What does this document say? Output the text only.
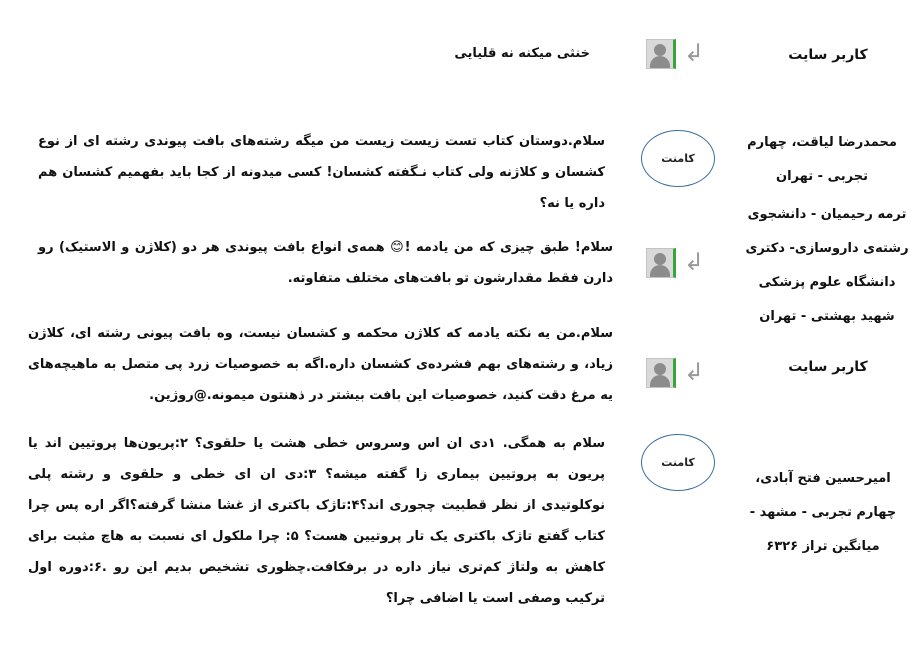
کاربر سایت
↲
خنثی میکنه نه قلیایی
محمدرضا لیاقت، چهارم تجربی - تهران
کامنت
سلام.دوستان کتاب تست زیست زیست من میگه رشته‌های بافت پیوندی رشته ای از نوع کشسان و کلاژنه ولی کتاب نـگفته کشسان! کسی میدونه از کجا باید بفهمیم کشسان هم داره یا نه؟
ترمه رحیمیان - دانشجوی رشته‌ی داروسازی- دکتری دانشگاه علوم پزشکی شهید بهشتی - تهران
↲
سلام! طبق چیزی که من یادمه !😊 همه‌ی انواع بافت پیوندی هر دو (کلاژن و الاستیک) رو دارن فقط مقدارشون تو بافت‌های مختلف متفاوته.
کاربر سایت
↲
سلام.من یه نکته یادمه که کلاژن محکمه و کشسان نیست، وه بافت پیونی رشته ای، کلاژن زیاد، و رشته‌های بهم فشرده‌ی کشسان داره.اگه به خصوصیات زرد پی متصل به ماهیچه‌های یه مرغ دقت کنید، خصوصیات این بافت بیشتر در ذهنتون میمونه.@روژین.
امیرحسین فتح آبادی، چهارم تجربی - مشهد - میانگین تراز ۶۳۲۶
کامنت
سلام به همگی. ۱دی ان اس وسروس خطی هشت یا حلقوی؟ ۲:پریون‌ها پروتیین اند یا پریون به پروتیین بیماری زا گفته میشه؟ ۳:دی ان ای خطی و حلقوی و رشته پلی نوکلوتیدی از نظر قطبیت چجوری اند؟۴:تاژک باکتری از غشا منشا گرفته؟اگر اره پس چرا کتاب گفتع تاژک باکتری یک تار پروتیین هست؟ ۵: چرا ملکول ای نسبت به هاچ مثبت برای کاهش به ولتاژ کم‌تری نیاز داره در برفکافت.چظوری تشخیص بدیم این رو .۶:دوره اول ترکیب وصفی است یا اضافی چرا؟
